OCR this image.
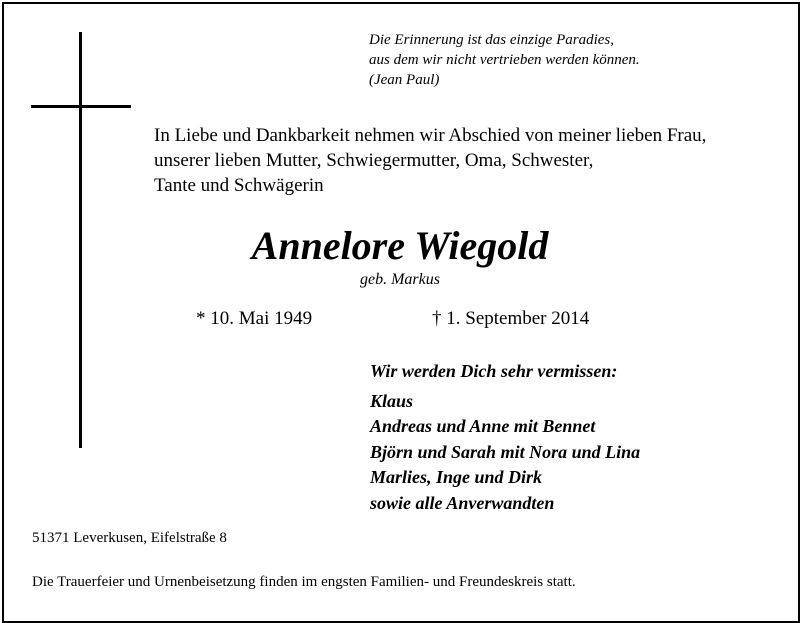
Die Erinnerung ist das einzige Paradies,
aus dem wir nicht vertrieben werden können.
(Jean Paul)
In Liebe und Dankbarkeit nehmen wir Abschied von meiner lieben Frau,
unserer lieben Mutter, Schwiegermutter, Oma, Schwester,
Tante und Schwägerin
Annelore Wiegold
geb. Markus
* 10. Mai 1949	† 1. September 2014
Wir werden Dich sehr vermissen:
Klaus
Andreas und Anne mit Bennet
Björn und Sarah mit Nora und Lina
Marlies, Inge und Dirk
sowie alle Anverwandten
51371 Leverkusen, Eifelstraße 8
Die Trauerfeier und Urnenbeisetzung finden im engsten Familien- und Freundeskreis statt.
